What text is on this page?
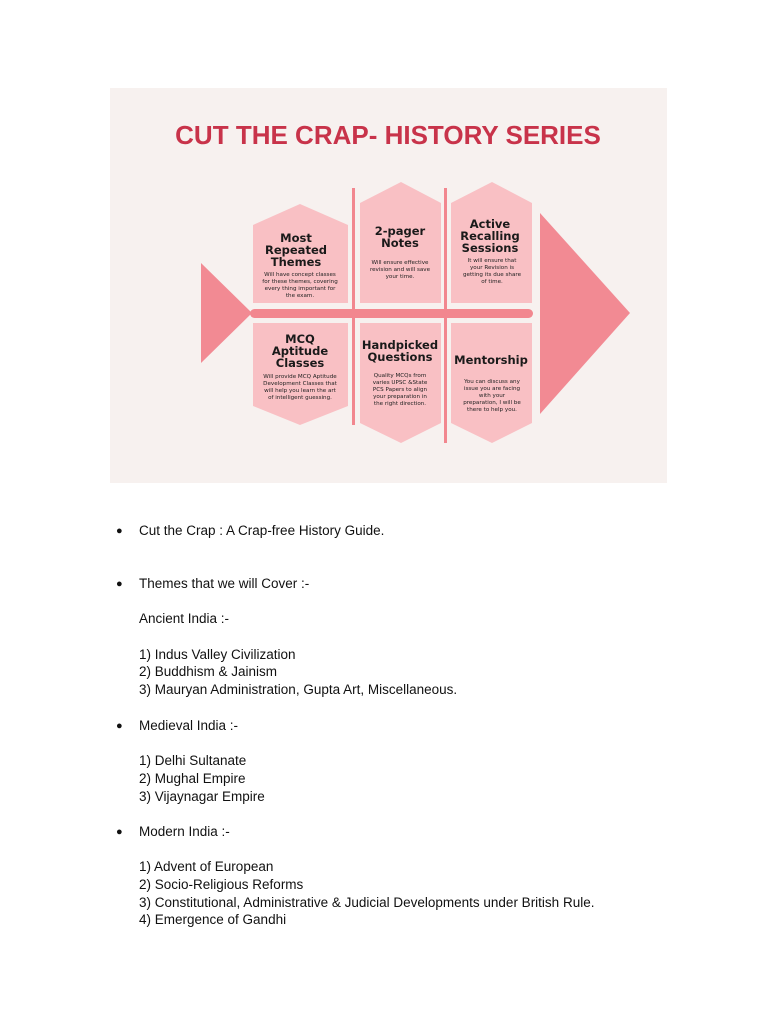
CUT THE CRAP- HISTORY SERIES
Most
Repeated
Themes
Will have concept classes
for these themes, covering
every thing important for
the exam.
2-pager
Notes
Will ensure effective
revision and will save
your time.
Active
Recalling
Sessions
It will ensure that
your Revision is
getting its due share
of time.
MCQ
Aptitude
Classes
Will provide MCQ Aptitude
Development Classes that
will help you learn the art
of intelligent guessing.
Handpicked
Questions
Quality MCQs from
varies UPSC &State
PCS Papers to align
your preparation in
the right direction.
Mentorship
You can discuss any
issue you are facing
with your
preparation, I will be
there to help you.
● Cut the Crap : A Crap-free History Guide.
● Themes that we will Cover :-
Ancient India :-
1) Indus Valley Civilization
2) Buddhism & Jainism
3) Mauryan Administration, Gupta Art, Miscellaneous.
● Medieval India :-
1) Delhi Sultanate
2) Mughal Empire
3) Vijaynagar Empire
● Modern India :-
1) Advent of European
2) Socio-Religious Reforms
3) Constitutional, Administrative & Judicial Developments under British Rule.
4) Emergence of Gandhi
